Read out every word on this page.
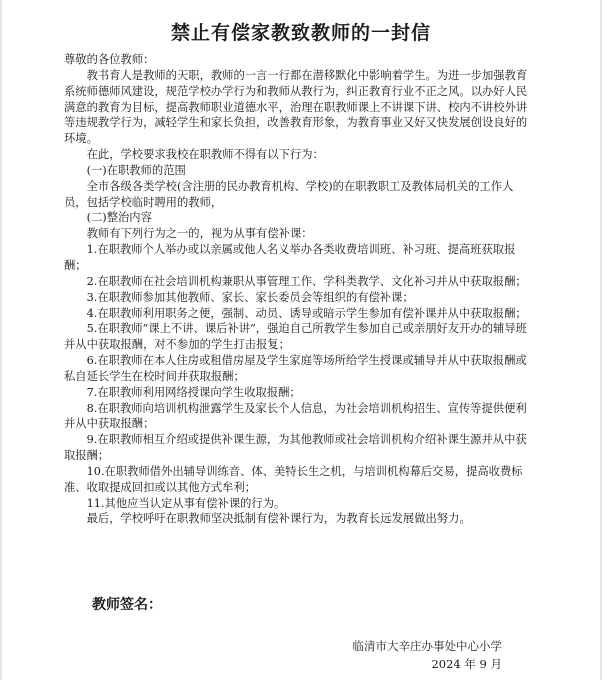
禁止有偿家教致教师的一封信

尊敬的各位教师：

教书育人是教师的天职，教师的一言一行都在潜移默化中影响着学生。为进一步加强教育系统师德师风建设，规范学校办学行为和教师从教行为，纠正教育行业不正之风。以办好人民满意的教育为目标，提高教师职业道德水平，治理在职教师课上不讲课下讲、校内不讲校外讲等违规教学行为，减轻学生和家长负担，改善教育形象，为教育事业又好又快发展创设良好的环境。

在此，学校要求我校在职教师不得有以下行为：

(一)在职教师的范围

全市各级各类学校(含注册的民办教育机构、学校)的在职教职工及教体局机关的工作人员，包括学校临时聘用的教师，

(二)整治内容

教师有下列行为之一的，视为从事有偿补课：

1.在职教师个人举办或以亲属或他人名义举办各类收费培训班、补习班、提高班获取报酬；

2.在职教师在社会培训机构兼职从事管理工作、学科类教学、文化补习并从中获取报酬；

3.在职教师参加其他教师、家长、家长委员会等组织的有偿补课；

4.在职教师利用职务之便，强制、动员、诱导或暗示学生参加有偿补课并从中获取报酬；

5.在职教师“课上不讲、课后补讲”，强迫自己所教学生参加自己或亲朋好友开办的辅导班并从中获取报酬，对不参加的学生打击报复；

6.在职教师在本人住房或租借房屋及学生家庭等场所给学生授课或辅导并从中获取报酬或私自延长学生在校时间并获取报酬；

7.在职教师利用网络授课向学生收取报酬；

8.在职教师向培训机构泄露学生及家长个人信息，为社会培训机构招生、宣传等提供便利并从中获取报酬；

9.在职教师相互介绍或提供补课生源，为其他教师或社会培训机构介绍补课生源并从中获取报酬；

10.在职教师借外出辅导训练音、体、美特长生之机，与培训机构幕后交易，提高收费标准、收取提成回扣或以其他方式牟利；

11.其他应当认定从事有偿补课的行为。

最后，学校呼吁在职教师坚决抵制有偿补课行为，为教育长远发展做出努力。

教师签名：
临清市大辛庄办事处中心小学
2024 年 9 月
